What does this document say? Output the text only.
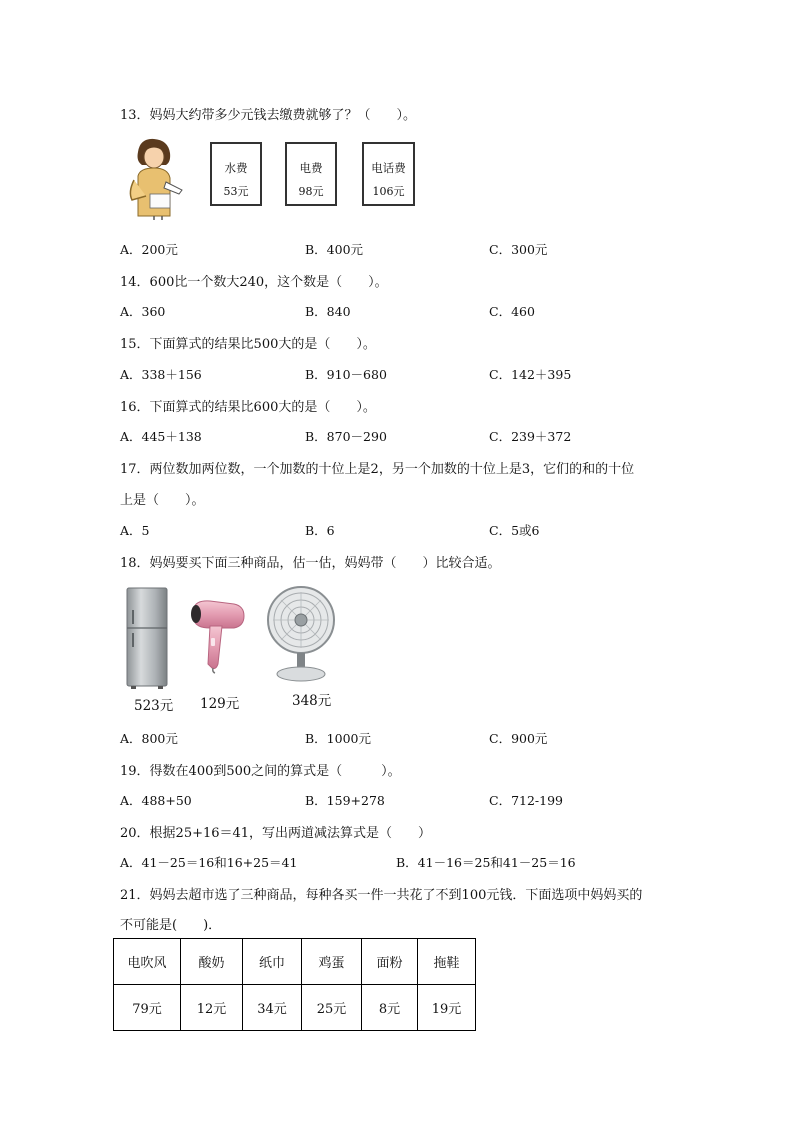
13．妈妈大约带多少元钱去缴费就够了？（　　）。
水费
53元
电费
98元
电话费
106元
A．200元	B．400元	C．300元
14．600比一个数大240，这个数是（　　）。
A．360	B．840	C．460
15．下面算式的结果比500大的是（　　）。
A．338＋156	B．910－680	C．142＋395
16．下面算式的结果比600大的是（　　）。
A．445＋138	B．870－290	C．239＋372
17．两位数加两位数，一个加数的十位上是2，另一个加数的十位上是3，它们的和的十位
上是（　　）。
A．5	B．6	C．5或6
18．妈妈要买下面三种商品，估一估，妈妈带（　　）比较合适。
523元 129元	348元
A．800元	B．1000元	C．900元
19．得数在400到500之间的算式是（　　　）。
A．488+50	B．159+278	C．712-199
20．根据25+16＝41，写出两道减法算式是（　　）
A．41－25＝16和16+25＝41	B．41－16＝25和41－25＝16
21．妈妈去超市选了三种商品，每种各买一件一共花了不到100元钱．下面选项中妈妈买的
不可能是(　　)．
电吹风	酸奶	纸巾	鸡蛋	面粉	拖鞋
79元	12元	34元	25元	8元	19元
